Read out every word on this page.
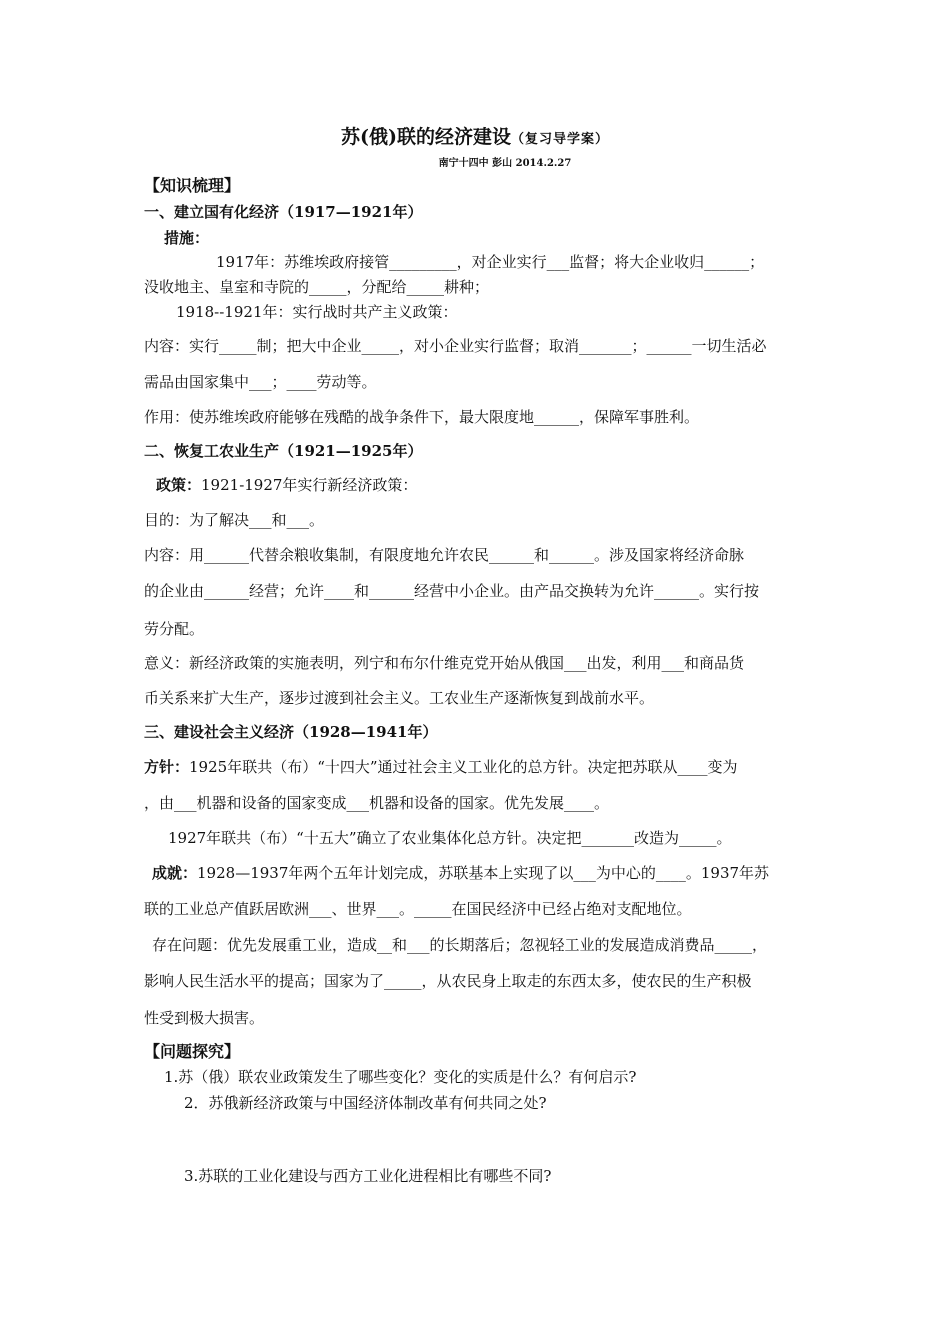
苏(俄)联的经济建设（复习导学案）
南宁十四中 彭山 2014.2.27
【知识梳理】
一、建立国有化经济（1917—1921年）
措施：
1917年：苏维埃政府接管_________，对企业实行___监督；将大企业收归______；
没收地主、皇室和寺院的_____，分配给_____耕种；
1918--1921年：实行战时共产主义政策：
内容：实行_____制；把大中企业_____，对小企业实行监督；取消_______；______一切生活必
需品由国家集中___；____劳动等。
作用：使苏维埃政府能够在残酷的战争条件下，最大限度地______，保障军事胜利。
二、恢复工农业生产（1921—1925年）
政策：1921-1927年实行新经济政策：
目的：为了解决___和___。
内容：用______代替余粮收集制，有限度地允许农民______和______。涉及国家将经济命脉
的企业由______经营；允许____和______经营中小企业。由产品交换转为允许______。实行按
劳分配。
意义：新经济政策的实施表明，列宁和布尔什维克党开始从俄国___出发，利用___和商品货
币关系来扩大生产，逐步过渡到社会主义。工农业生产逐渐恢复到战前水平。
三、建设社会主义经济（1928—1941年）
方针：1925年联共（布）“十四大”通过社会主义工业化的总方针。决定把苏联从____变为
，由___机器和设备的国家变成___机器和设备的国家。优先发展____。
1927年联共（布）“十五大”确立了农业集体化总方针。决定把_______改造为_____。
成就：1928—1937年两个五年计划完成，苏联基本上实现了以___为中心的____。1937年苏
联的工业总产值跃居欧洲___、世界___。_____在国民经济中已经占绝对支配地位。
存在问题：优先发展重工业，造成__和___的长期落后；忽视轻工业的发展造成消费品_____，
影响人民生活水平的提高；国家为了_____，从农民身上取走的东西太多，使农民的生产积极
性受到极大损害。
【问题探究】
1.苏（俄）联农业政策发生了哪些变化？变化的实质是什么？有何启示?
2．苏俄新经济政策与中国经济体制改革有何共同之处?
3.苏联的工业化建设与西方工业化进程相比有哪些不同?
